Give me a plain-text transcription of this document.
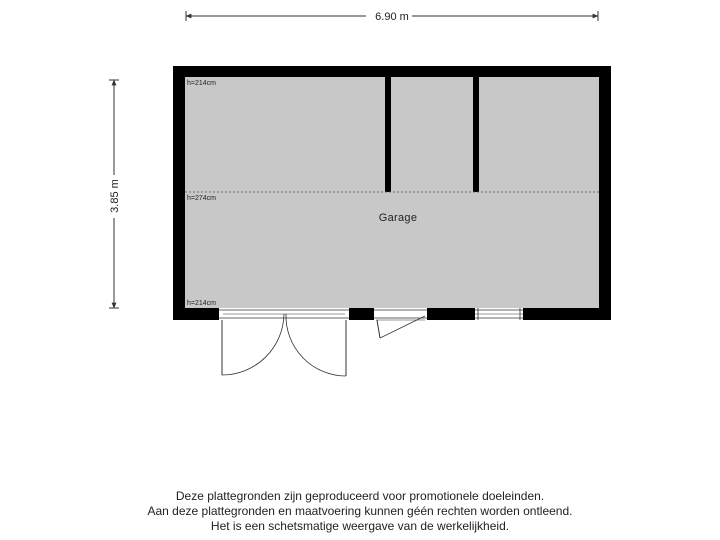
6.90 m
3.85 m
h=214cm
h=274cm
h=214cm
Garage
Deze plattegronden zijn geproduceerd voor promotionele doeleinden.
Aan deze plattegronden en maatvoering kunnen géén rechten worden ontleend.
Het is een schetsmatige weergave van de werkelijkheid.
